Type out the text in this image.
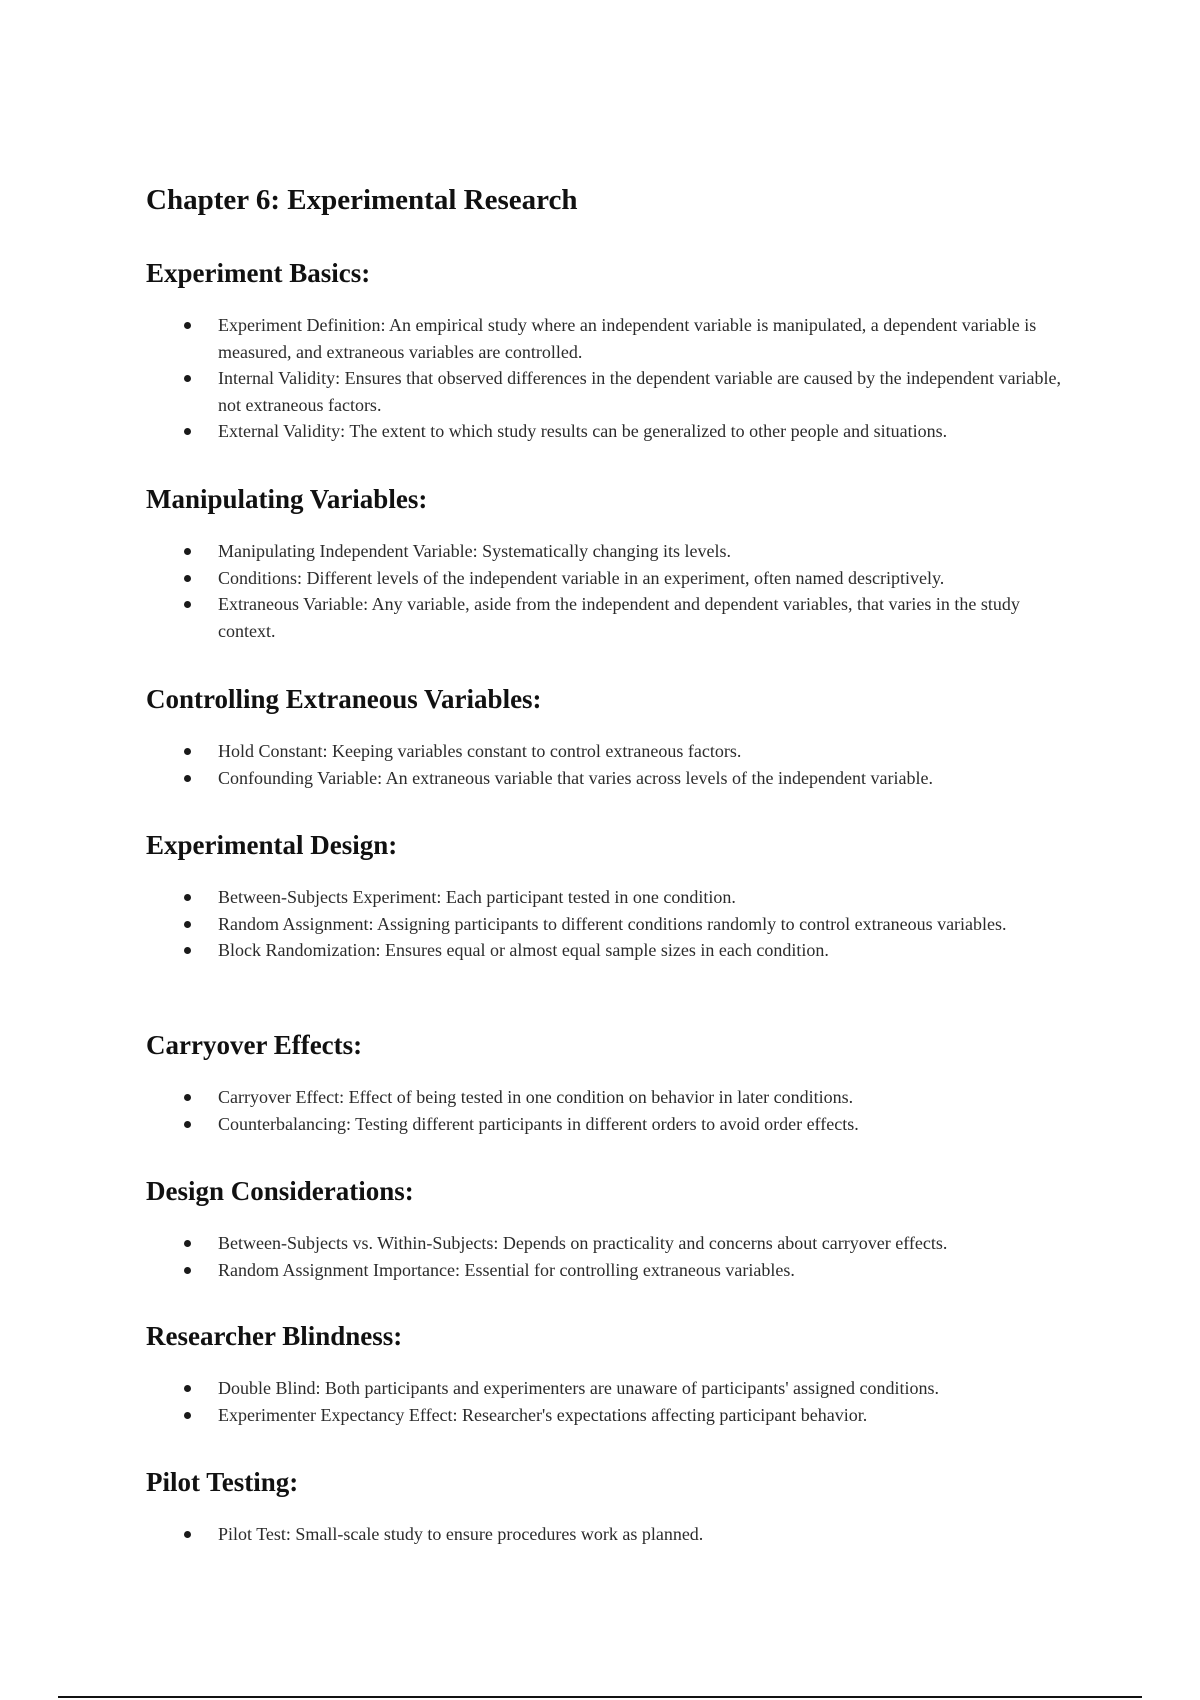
Chapter 6: Experimental Research
Experiment Basics:
Experiment Definition: An empirical study where an independent variable is manipulated, a dependent variable is measured, and extraneous variables are controlled.
Internal Validity: Ensures that observed differences in the dependent variable are caused by the independent variable, not extraneous factors.
External Validity: The extent to which study results can be generalized to other people and situations.
Manipulating Variables:
Manipulating Independent Variable: Systematically changing its levels.
Conditions: Different levels of the independent variable in an experiment, often named descriptively.
Extraneous Variable: Any variable, aside from the independent and dependent variables, that varies in the study context.
Controlling Extraneous Variables:
Hold Constant: Keeping variables constant to control extraneous factors.
Confounding Variable: An extraneous variable that varies across levels of the independent variable.
Experimental Design:
Between-Subjects Experiment: Each participant tested in one condition.
Random Assignment: Assigning participants to different conditions randomly to control extraneous variables.
Block Randomization: Ensures equal or almost equal sample sizes in each condition.
Carryover Effects:
Carryover Effect: Effect of being tested in one condition on behavior in later conditions.
Counterbalancing: Testing different participants in different orders to avoid order effects.
Design Considerations:
Between-Subjects vs. Within-Subjects: Depends on practicality and concerns about carryover effects.
Random Assignment Importance: Essential for controlling extraneous variables.
Researcher Blindness:
Double Blind: Both participants and experimenters are unaware of participants' assigned conditions.
Experimenter Expectancy Effect: Researcher's expectations affecting participant behavior.
Pilot Testing:
Pilot Test: Small-scale study to ensure procedures work as planned.
